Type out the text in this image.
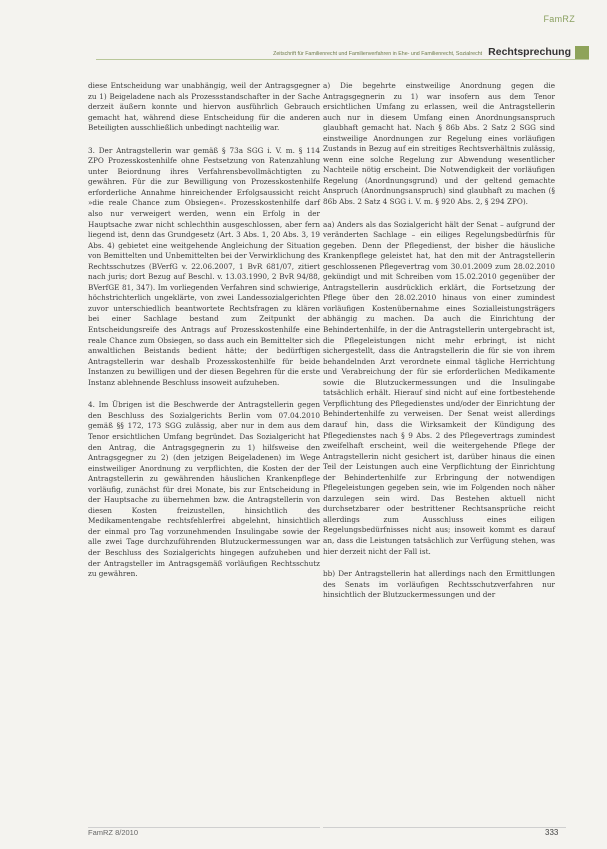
FamRZ
Zeitschrift für Familienrecht und Familienverfahren in Ehe- und Familienrecht, Sozialrecht Rechtsprechung

diese Entscheidung war unabhängig, weil der Antragsgegner zu 1) Beigeladene nach als Prozessstandschafter in der Sache derzeit äußern konnte und hiervon ausführlich Gebrauch gemacht hat, während diese Entscheidung für die anderen Beteiligten ausschließlich unbedingt nachteilig war.

3. Der Antragstellerin war gemäß § 73a SGG i. V. m. § 114 ZPO Prozesskostenhilfe ohne Festsetzung von Ratenzahlung unter Beiordnung ihres Verfahrensbevollmächtigten zu gewähren. Für die zur Bewilligung von Prozesskostenhilfe erforderliche Annahme hinreichender Erfolgsaussicht reicht »die reale Chance zum Obsiegen«. Prozesskostenhilfe darf also nur verweigert werden, wenn ein Erfolg in der Hauptsache zwar nicht schlechthin ausgeschlossen, aber fern liegend ist, denn das Grundgesetz (Art. 3 Abs. 1, 20 Abs. 3, 19 Abs. 4) gebietet eine weitgehende Angleichung der Situation von Bemittelten und Unbemittelten bei der Verwirklichung des Rechtsschutzes (BVerfG v. 22.06.2007, 1 BvR 681/07, zitiert nach juris; dort Bezug auf Beschl. v. 13.03.1990, 2 BvR 94/88, BVerfGE 81, 347). Im vorliegenden Verfahren sind schwierige, höchstrichterlich ungeklärte, von zwei Landessozialgerichten zuvor unterschiedlich beantwortete Rechtsfragen zu klären bei einer Sachlage bestand zum Zeitpunkt der Entscheidungsreife des Antrags auf Prozesskostenhilfe eine reale Chance zum Obsiegen, so dass auch ein Bemittelter sich anwaltlichen Beistands bedient hätte; der bedürftigen Antragstellerin war deshalb Prozesskostenhilfe für beide Instanzen zu bewilligen und der diesen Begehren für die erste Instanz ablehnende Beschluss insoweit aufzuheben.

4. Im Übrigen ist die Beschwerde der Antragstellerin gegen den Beschluss des Sozialgerichts Berlin vom 07.04.2010 gemäß §§ 172, 173 SGG zulässig, aber nur in dem aus dem Tenor ersichtlichen Umfang begründet. Das Sozialgericht hat den Antrag, die Antragsgegnerin zu 1) hilfsweise den Antragsgegner zu 2) (den jetzigen Beigeladenen) im Wege einstweiliger Anordnung zu verpflichten, die Kosten der der Antragstellerin zu gewährenden häuslichen Krankenpflege vorläufig, zunächst für drei Monate, bis zur Entscheidung in der Hauptsache zu übernehmen bzw. die Antragstellerin von diesen Kosten freizustellen, hinsichtlich des Medikamentengabe rechtsfehlerfrei abgelehnt, hinsichtlich der einmal pro Tag vorzunehmenden Insulingabe sowie der alle zwei Tage durchzuführenden Blutzuckermessungen war der Beschluss des Sozialgerichts hingegen aufzuheben und der Antragsteller im Antragsgemäß vorläufigen Rechtsschutz zu gewähren.

a) Die begehrte einstweilige Anordnung gegen die Antragsgegnerin zu 1) war insofern aus dem Tenor ersichtlichen Umfang zu erlassen, weil die Antragstellerin auch nur in diesem Umfang einen Anordnungsanspruch glaubhaft gemacht hat. Nach § 86b Abs. 2 Satz 2 SGG sind einstweilige Anordnungen zur Regelung eines vorläufigen Zustands in Bezug auf ein streitiges Rechtsverhältnis zulässig, wenn eine solche Regelung zur Abwendung wesentlicher Nachteile nötig erscheint. Die Notwendigkeit der vorläufigen Regelung (Anordnungsgrund) und der geltend gemachte Anspruch (Anordnungsanspruch) sind glaubhaft zu machen (§ 86b Abs. 2 Satz 4 SGG i. V. m. § 920 Abs. 2, § 294 ZPO).

aa) Anders als das Sozialgericht hält der Senat – aufgrund der veränderten Sachlage – ein eiliges Regelungsbedürfnis für gegeben. Denn der Pflegedienst, der bisher die häusliche Krankenpflege geleistet hat, hat den mit der Antragstellerin geschlossenen Pflegevertrag vom 30.01.2009 zum 28.02.2010 gekündigt und mit Schreiben vom 15.02.2010 gegenüber der Antragstellerin ausdrücklich erklärt, die Fortsetzung der Pflege über den 28.02.2010 hinaus von einer zumindest vorläufigen Kostenübernahme eines Sozialleistungsträgers abhängig zu machen. Da auch die Einrichtung der Behindertenhilfe, in der die Antragstellerin untergebracht ist, die Pflegeleistungen nicht mehr erbringt, ist nicht sichergestellt, dass die Antragstellerin die für sie von ihrem behandelnden Arzt verordnete einmal tägliche Herrichtung und Verabreichung der für sie erforderlichen Medikamente sowie die Blutzuckermessungen und die Insulingabe tatsächlich erhält. Hierauf sind nicht auf eine fortbestehende Verpflichtung des Pflegedienstes und/oder der Einrichtung der Behindertenhilfe zu verweisen. Der Senat weist allerdings darauf hin, dass die Wirksamkeit der Kündigung des Pflegedienstes nach § 9 Abs. 2 des Pflegevertrags zumindest zweifelhaft erscheint, weil die weitergehende Pflege der Antragstellerin nicht gesichert ist, darüber hinaus die einen Teil der Leistungen auch eine Verpflichtung der Einrichtung der Behindertenhilfe zur Erbringung der notwendigen Pflegeleistungen gegeben sein, wie im Folgenden noch näher darzulegen sein wird. Das Bestehen aktuell nicht durchsetzbarer oder bestrittener Rechtsansprüche reicht allerdings zum Ausschluss eines eiligen Regelungsbedürfnisses nicht aus; insoweit kommt es darauf an, dass die Leistungen tatsächlich zur Verfügung stehen, was hier derzeit nicht der Fall ist.

bb) Der Antragstellerin hat allerdings nach den Ermittlungen des Senats im vorläufigen Rechtsschutzverfahren nur hinsichtlich der Blutzuckermessungen und der

FamRZ 8/2010	333
